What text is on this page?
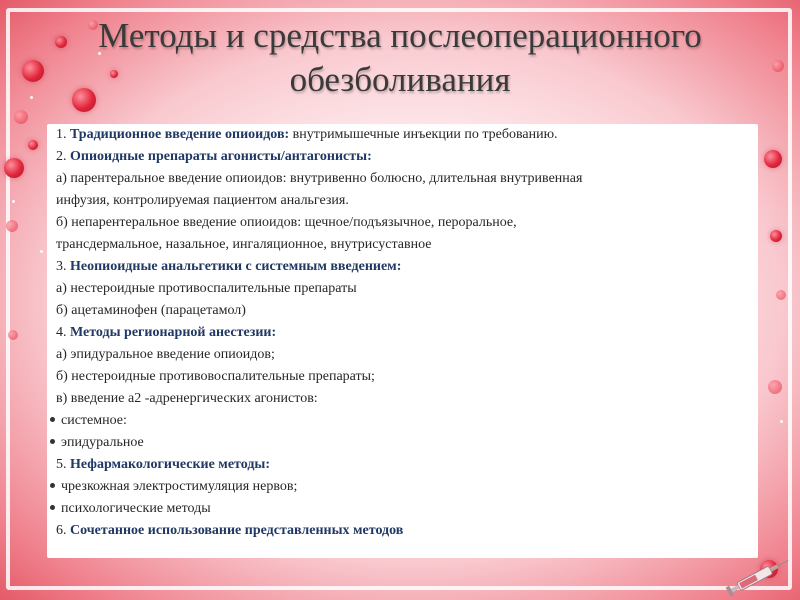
Методы и средства послеоперационного
обезболивания
1. Традиционное введение опиоидов: внутримышечные инъекции по требованию.
2. Опиоидные препараты агонисты/антагонисты:
а) парентеральное введение опиоидов: внутривенно болюсно, длительная внутривенная
инфузия, контролируемая пациентом анальгезия.
б) непарентеральное введение опиоидов: щечное/подъязычное, пероральное,
трансдермальное, назальное, ингаляционное, внутрисуставное
3. Неопиоидные анальгетики с системным введением:
а) нестероидные противоспалительные препараты
б) ацетаминофен (парацетамол)
4. Методы регионарной анестезии:
а) эпидуральное введение опиоидов;
б) нестероидные противовоспалительные препараты;
в) введение а2 -адренергических агонистов:
системное:
эпидуральное
5. Нефармакологические методы:
чрезкожная электростимуляция нервов;
психологические методы
6. Сочетанное использование представленных методов
